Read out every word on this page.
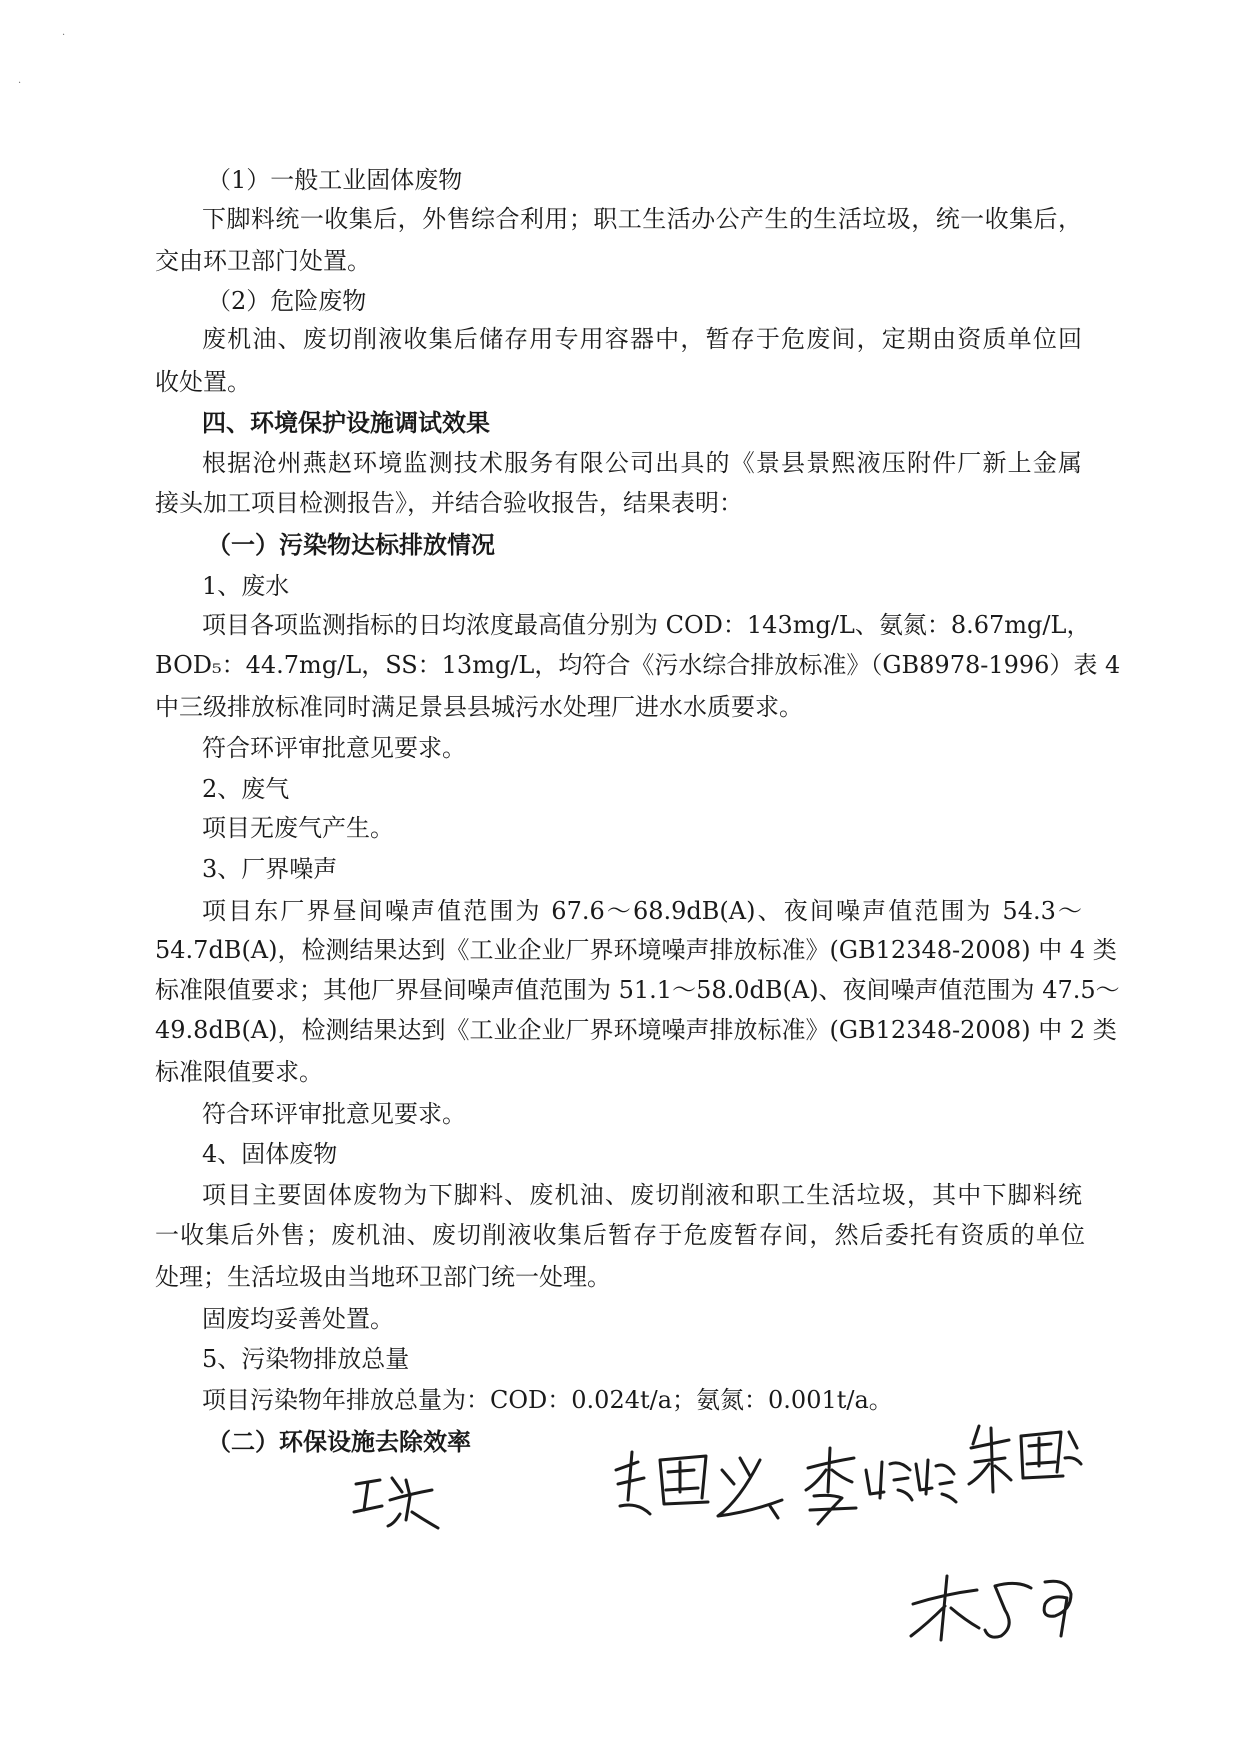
·
·
（1）一般工业固体废物
下脚料统一收集后，外售综合利用；职工生活办公产生的生活垃圾，统一收集后，
交由环卫部门处置。
（2）危险废物
废机油、废切削液收集后储存用专用容器中，暂存于危废间，定期由资质单位回
收处置。
四、环境保护设施调试效果
根据沧州燕赵环境监测技术服务有限公司出具的《景县景熙液压附件厂新上金属
接头加工项目检测报告》，并结合验收报告，结果表明：
（一）污染物达标排放情况
1、废水
项目各项监测指标的日均浓度最高值分别为 COD：143mg/L、氨氮：8.67mg/L，
BOD₅：44.7mg/L，SS：13mg/L，均符合《污水综合排放标准》（GB8978-1996）表 4
中三级排放标准同时满足景县县城污水处理厂进水水质要求。
符合环评审批意见要求。
2、废气
项目无废气产生。
3、厂界噪声
项目东厂界昼间噪声值范围为 67.6～68.9dB(A)、夜间噪声值范围为 54.3～
54.7dB(A)，检测结果达到《工业企业厂界环境噪声排放标准》(GB12348-2008) 中 4 类
标准限值要求；其他厂界昼间噪声值范围为 51.1～58.0dB(A)、夜间噪声值范围为 47.5～
49.8dB(A)，检测结果达到《工业企业厂界环境噪声排放标准》(GB12348-2008) 中 2 类
标准限值要求。
符合环评审批意见要求。
4、固体废物
项目主要固体废物为下脚料、废机油、废切削液和职工生活垃圾，其中下脚料统
一收集后外售；废机油、废切削液收集后暂存于危废暂存间，然后委托有资质的单位
处理；生活垃圾由当地环卫部门统一处理。
固废均妥善处置。
5、污染物排放总量
项目污染物年排放总量为：COD：0.024t/a；氨氮：0.001t/a。
（二）环保设施去除效率
